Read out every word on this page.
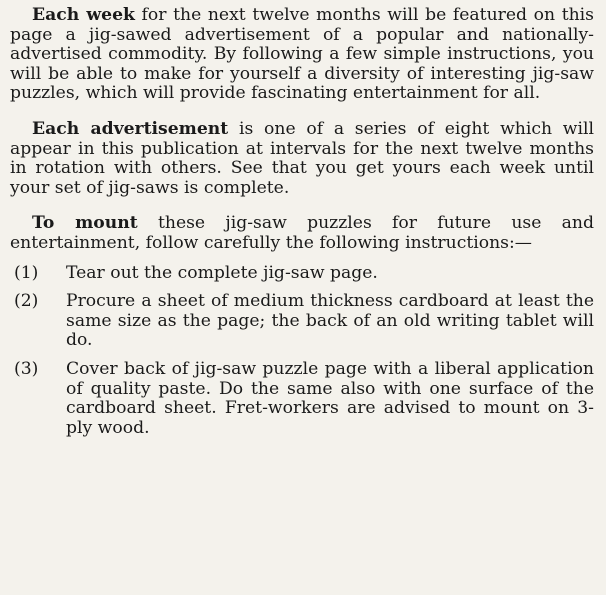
Each week for the next twelve months will be featured on this page a jig-sawed advertisement of a popular and nationally-advertised commodity. By following a few simple instructions, you will be able to make for yourself a diversity of interesting jig-saw puzzles, which will provide fascinating entertainment for all.

Each advertisement is one of a series of eight which will appear in this publication at intervals for the next twelve months in rotation with others. See that you get yours each week until your set of jig-saws is complete.

To mount these jig-saw puzzles for future use and entertainment, follow carefully the following instructions:—

(1)	Tear out the complete jig-saw page.
(2)	Procure a sheet of medium thickness cardboard at least the same size as the page; the back of an old writing tablet will do.
(3)	Cover back of jig-saw puzzle page with a liberal application of quality paste. Do the same also with one surface of the cardboard sheet. Fret-workers are advised to mount on 3-ply wood.
